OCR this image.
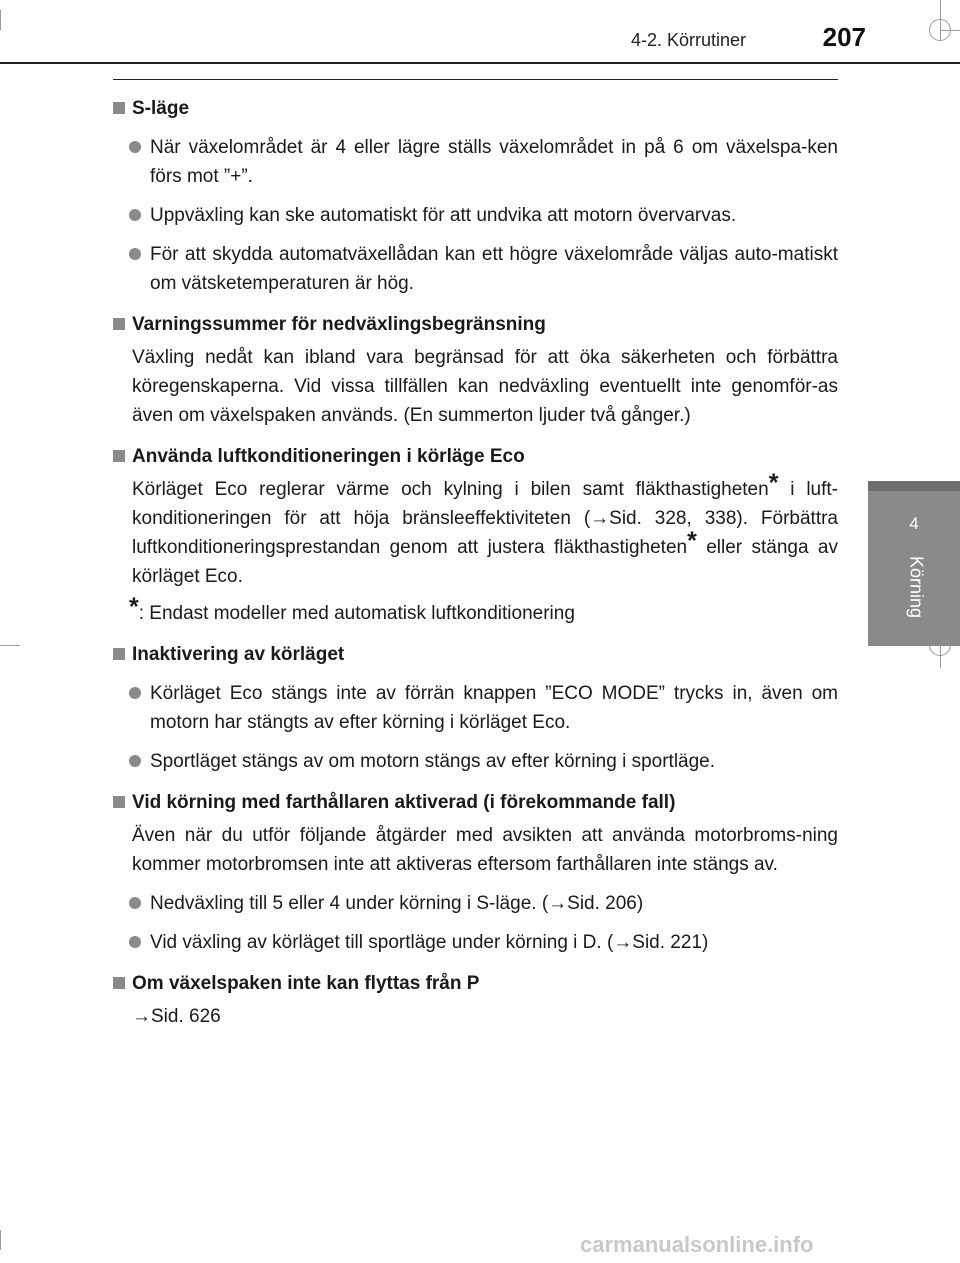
4-2. Körrutiner	207
4
Körning
S-läge
När växelområdet är 4 eller lägre ställs växelområdet in på 6 om växelspa-ken förs mot ”+”.
Uppväxling kan ske automatiskt för att undvika att motorn övervarvas.
För att skydda automatväxellådan kan ett högre växelområde väljas auto-matiskt om vätsketemperaturen är hög.
Varningssummer för nedväxlingsbegränsning
Växling nedåt kan ibland vara begränsad för att öka säkerheten och förbättra köregenskaperna. Vid vissa tillfällen kan nedväxling eventuellt inte genomför-as även om växelspaken används. (En summerton ljuder två gånger.)
Använda luftkonditioneringen i körläge Eco
Körläget Eco reglerar värme och kylning i bilen samt fläkthastigheten* i luft-konditioneringen för att höja bränsleeffektiviteten (→Sid. 328, 338). Förbättra luftkonditioneringsprestandan genom att justera fläkthastigheten* eller stänga av körläget Eco.
*: Endast modeller med automatisk luftkonditionering
Inaktivering av körläget
Körläget Eco stängs inte av förrän knappen ”ECO MODE” trycks in, även om motorn har stängts av efter körning i körläget Eco.
Sportläget stängs av om motorn stängs av efter körning i sportläge.
Vid körning med farthållaren aktiverad (i förekommande fall)
Även när du utför följande åtgärder med avsikten att använda motorbroms-ning kommer motorbromsen inte att aktiveras eftersom farthållaren inte stängs av.
Nedväxling till 5 eller 4 under körning i S-läge. (→Sid. 206)
Vid växling av körläget till sportläge under körning i D. (→Sid. 221)
Om växelspaken inte kan flyttas från P
→Sid. 626
carmanualsonline.info
